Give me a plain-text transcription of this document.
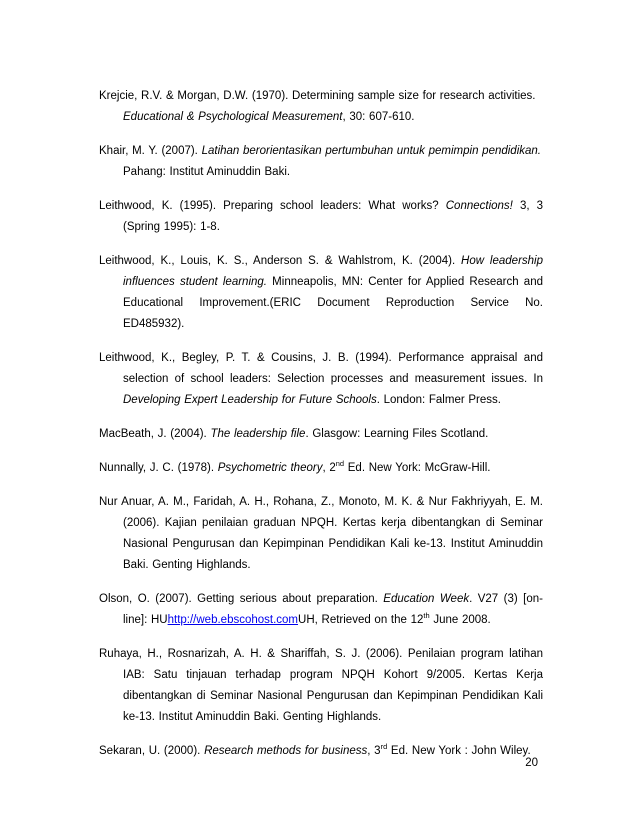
Krejcie, R.V. & Morgan, D.W. (1970). Determining sample size for research activities. Educational & Psychological Measurement, 30: 607-610.

Khair, M. Y. (2007). Latihan berorientasikan pertumbuhan untuk pemimpin pendidikan. Pahang: Institut Aminuddin Baki.

Leithwood, K. (1995). Preparing school leaders: What works? Connections! 3, 3 (Spring 1995): 1-8.

Leithwood, K., Louis, K. S., Anderson S. & Wahlstrom, K. (2004). How leadership influences student learning. Minneapolis, MN: Center for Applied Research and Educational Improvement.(ERIC Document Reproduction Service No. ED485932).

Leithwood, K., Begley, P. T. & Cousins, J. B. (1994). Performance appraisal and selection of school leaders: Selection processes and measurement issues. In Developing Expert Leadership for Future Schools. London: Falmer Press.

MacBeath, J. (2004). The leadership file. Glasgow: Learning Files Scotland.

Nunnally, J. C. (1978). Psychometric theory, 2nd Ed. New York: McGraw-Hill.

Nur Anuar, A. M., Faridah, A. H., Rohana, Z., Monoto, M. K. & Nur Fakhriyyah, E. M. (2006). Kajian penilaian graduan NPQH. Kertas kerja dibentangkan di Seminar Nasional Pengurusan dan Kepimpinan Pendidikan Kali ke-13. Institut Aminuddin Baki. Genting Highlands.

Olson, O. (2007). Getting serious about preparation. Education Week. V27 (3) [on-line]: HUhttp://web.ebscohost.comUH, Retrieved on the 12th June 2008.

Ruhaya, H., Rosnarizah, A. H. & Shariffah, S. J. (2006). Penilaian program latihan IAB: Satu tinjauan terhadap program NPQH Kohort 9/2005. Kertas Kerja dibentangkan di Seminar Nasional Pengurusan dan Kepimpinan Pendidikan Kali ke-13. Institut Aminuddin Baki. Genting Highlands.

Sekaran, U. (2000). Research methods for business, 3rd Ed. New York : John Wiley.

20
